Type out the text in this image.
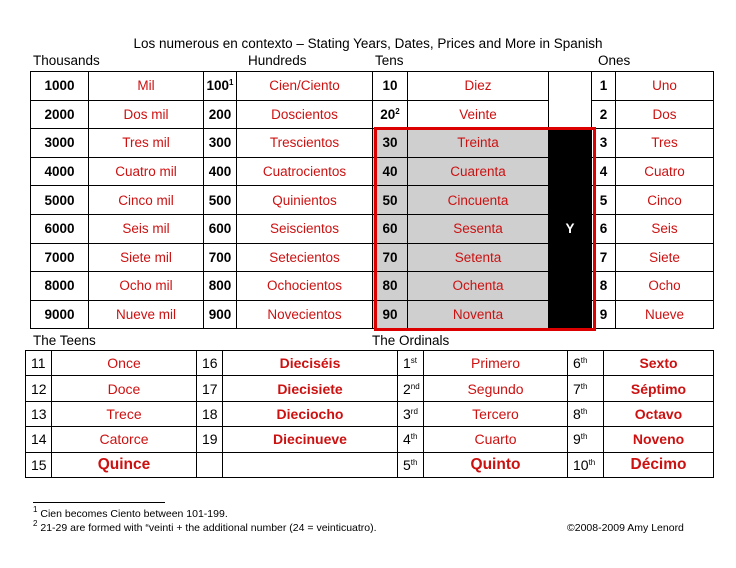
Los numerous en contexto – Stating Years, Dates, Prices and More in Spanish
Thousands	Hundreds	Tens	Ones
1000	Mil	$100^1$	Cien/Ciento	10	Diez		1	Uno
2000	Dos mil	200	Doscientos	$20^2$	Veinte		2	Dos
3000	Tres mil	300	Trescientos	30	Treinta	Y	3	Tres
4000	Cuatro mil	400	Cuatrocientos	40	Cuarenta		4	Cuatro
5000	Cinco mil	500	Quinientos	50	Cincuenta		5	Cinco
6000	Seis mil	600	Seiscientos	60	Sesenta		6	Seis
7000	Siete mil	700	Setecientos	70	Setenta		7	Siete
8000	Ocho mil	800	Ochocientos	80	Ochenta		8	Ocho
9000	Nueve mil	900	Novecientos	90	Noventa		9	Nueve
The Teens	The Ordinals
11	Once	16	Dieciséis	1st	Primero	6th	Sexto
12	Doce	17	Diecisiete	2nd	Segundo	7th	Séptimo
13	Trece	18	Dieciocho	3rd	Tercero	8th	Octavo
14	Catorce	19	Diecinueve	4th	Cuarto	9th	Noveno
15	Quince			5th	Quinto	10th	Décimo
$^1$ Cien becomes Ciento between 101-199.
$^2$ 21-29 are formed with “veinti + the additional number (24 = veinticuatro).	©2008-2009 Amy Lenord
